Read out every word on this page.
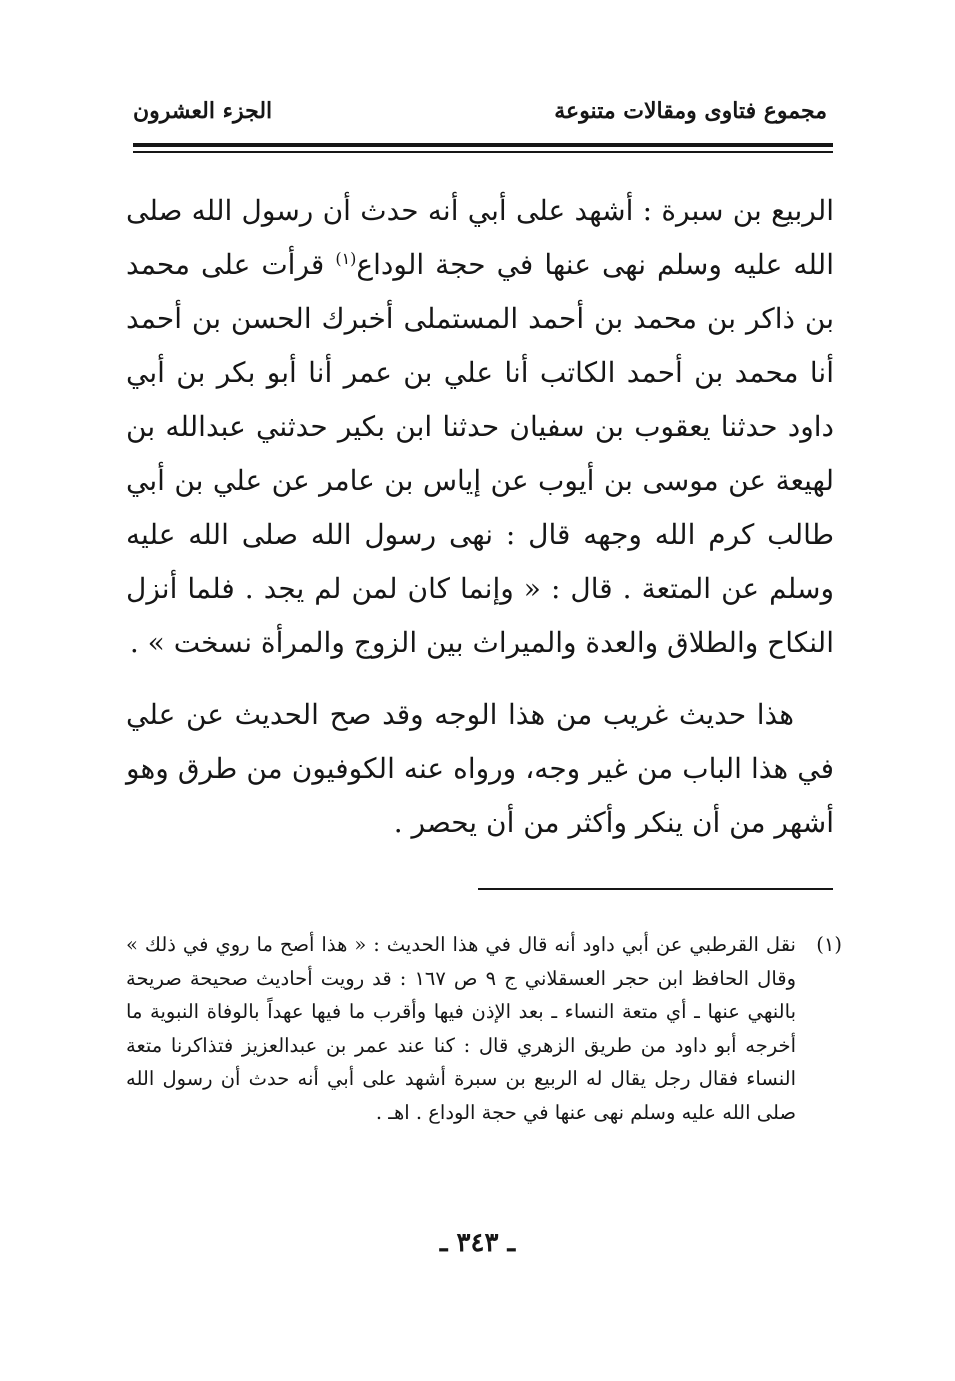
مجموع فتاوى ومقالات متنوعة
الجزء العشرون

الربيع بن سبرة : أشهد على أبي أنه حدث أن رسول الله صلى الله عليه وسلم نهى عنها في حجة الوداع$^{(١)}$ قرأت على محمد بن ذاكر بن محمد بن أحمد المستملى أخبرك الحسن بن أحمد أنا محمد بن أحمد الكاتب أنا علي بن عمر أنا أبو بكر بن أبي داود حدثنا يعقوب بن سفيان حدثنا ابن بكير حدثني عبدالله بن لهيعة عن موسى بن أيوب عن إياس بن عامر عن علي بن أبي طالب كرم الله وجهه قال : نهى رسول الله صلى الله عليه وسلم عن المتعة . قال : « وإنما كان لمن لم يجد . فلما أنزل النكاح والطلاق والعدة والميراث بين الزوج والمرأة نسخت » .

هذا حديث غريب من هذا الوجه وقد صح الحديث عن علي في هذا الباب من غير وجه، ورواه عنه الكوفيون من طرق وهو أشهر من أن ينكر وأكثر من أن يحصر .

(١)
نقل القرطبي عن أبي داود أنه قال في هذا الحديث : « هذا أصح ما روي في ذلك » وقال الحافظ ابن حجر العسقلاني ج ٩ ص ١٦٧ : قد رويت أحاديث صحيحة صريحة بالنهي عنها ـ أي متعة النساء ـ بعد الإذن فيها وأقرب ما فيها عهداً بالوفاة النبوية ما أخرجه أبو داود من طريق الزهري قال : كنا عند عمر بن عبدالعزيز فتذاكرنا متعة النساء فقال رجل يقال له الربيع بن سبرة أشهد على أبي أنه حدث أن رسول الله صلى الله عليه وسلم نهى عنها في حجة الوداع . اهـ .
ـ ٣٤٣ ـ
